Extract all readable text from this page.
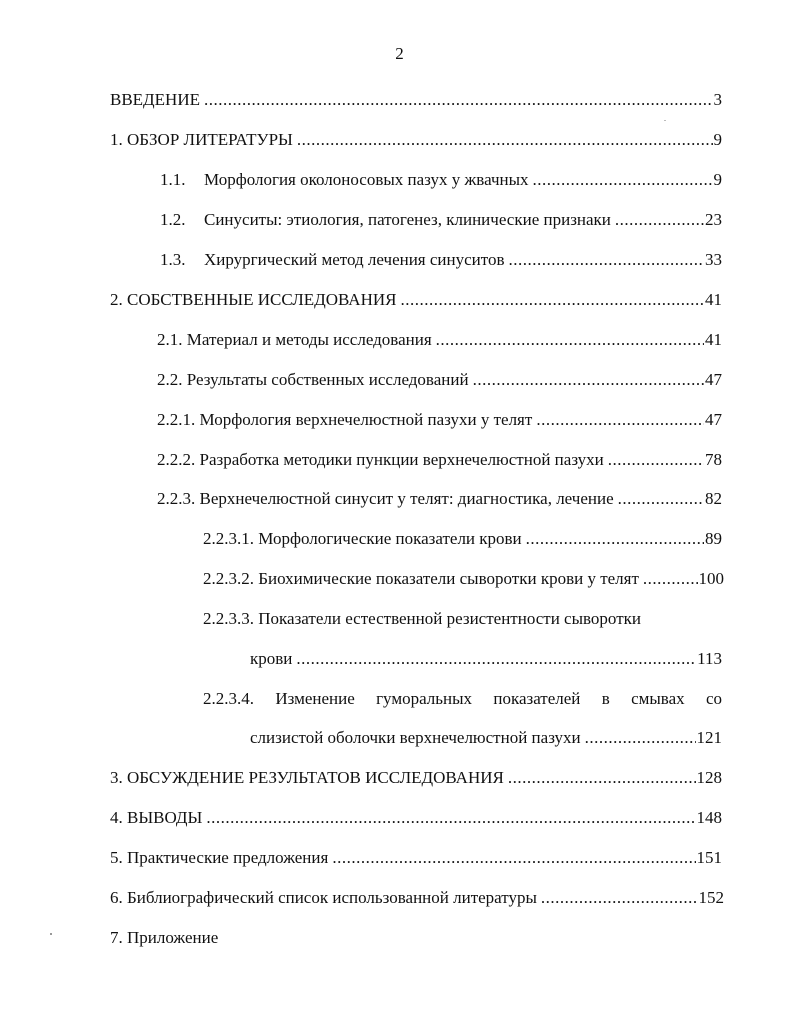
2
ВВЕДЕНИЕ .....	3
1. ОБЗОР ЛИТЕРАТУРЫ .....	9
1.1. Морфология околоносовых пазух у жвачных .....	9
1.2. Синуситы: этиология, патогенез, клинические признаки .....	23
1.3. Хирургический метод лечения синуситов .....	33
2. СОБСТВЕННЫЕ ИССЛЕДОВАНИЯ .....	41
2.1. Материал и методы исследования .....	41
2.2. Результаты собственных исследований .....	47
2.2.1. Морфология верхнечелюстной пазухи у телят .....	47
2.2.2. Разработка методики пункции верхнечелюстной пазухи .....	78
2.2.3. Верхнечелюстной синусит у телят: диагностика, лечение .....	82
2.2.3.1. Морфологические показатели крови .....	89
2.2.3.2. Биохимические показатели сыворотки крови у телят .....	100
2.2.3.3. Показатели естественной резистентности сыворотки
крови .....	113
2.2.3.4. Изменение гуморальных показателей в смывах со
слизистой оболочки верхнечелюстной пазухи .....	121
3. ОБСУЖДЕНИЕ РЕЗУЛЬТАТОВ ИССЛЕДОВАНИЯ .....	128
4. ВЫВОДЫ .....	148
5. Практические предложения .....	151
6. Библиографический список использованной литературы .....	152
7. Приложение
